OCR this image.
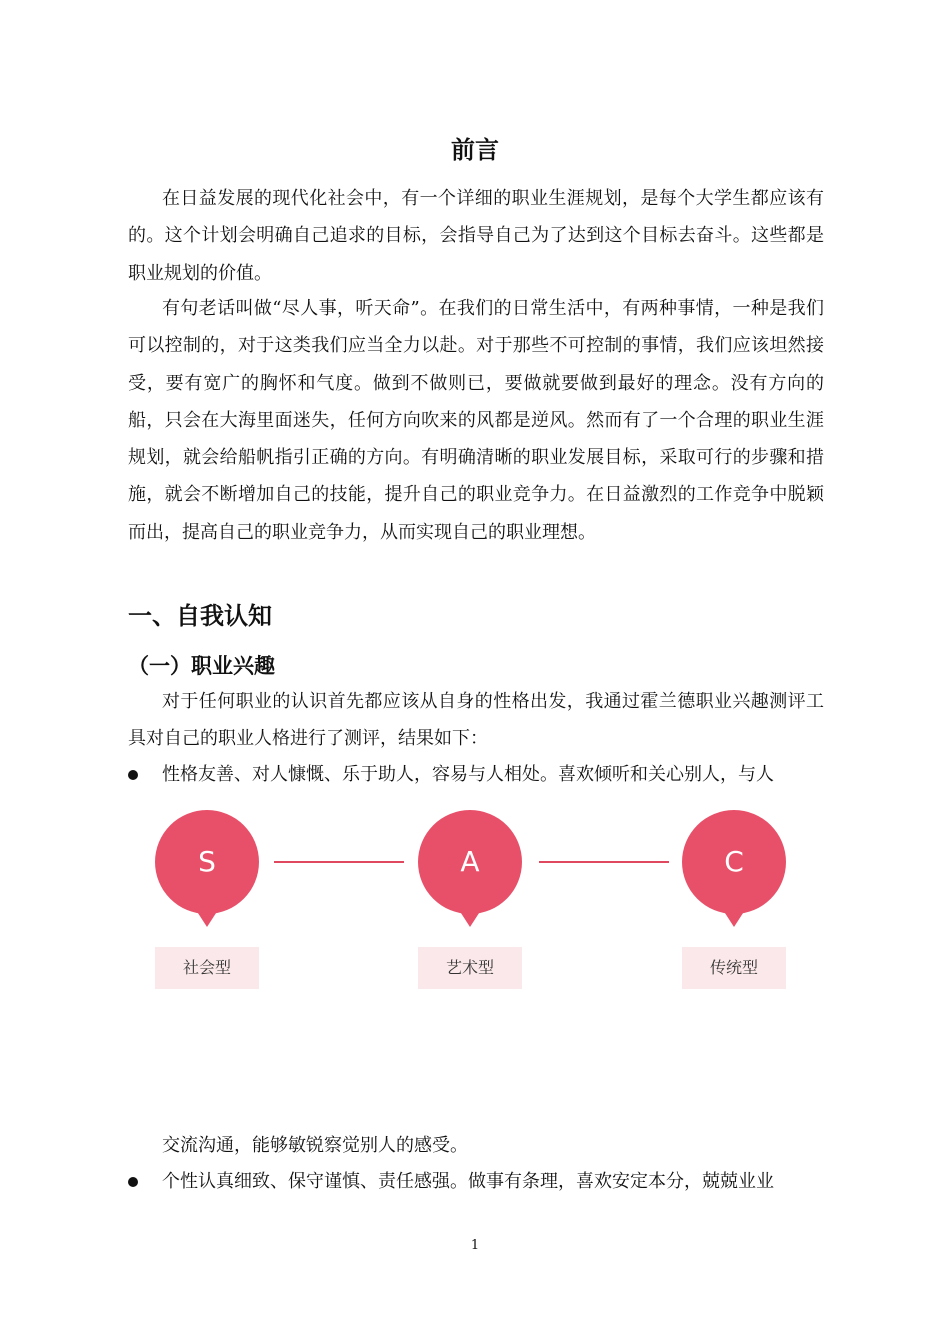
前言

在日益发展的现代化社会中，有一个详细的职业生涯规划，是每个大学生都应该有的。这个计划会明确自己追求的目标，会指导自己为了达到这个目标去奋斗。这些都是职业规划的价值。

有句老话叫做“尽人事，听天命”。在我们的日常生活中，有两种事情，一种是我们可以控制的，对于这类我们应当全力以赴。对于那些不可控制的事情，我们应该坦然接受，要有宽广的胸怀和气度。做到不做则已，要做就要做到最好的理念。没有方向的船，只会在大海里面迷失，任何方向吹来的风都是逆风。然而有了一个合理的职业生涯规划，就会给船帆指引正确的方向。有明确清晰的职业发展目标，采取可行的步骤和措施，就会不断增加自己的技能，提升自己的职业竞争力。在日益激烈的工作竞争中脱颖而出，提高自己的职业竞争力，从而实现自己的职业理想。

一、自我认知
（一）职业兴趣

对于任何职业的认识首先都应该从自身的性格出发，我通过霍兰德职业兴趣测评工具对自己的职业人格进行了测评，结果如下：

性格友善、对人慷慨、乐于助人，容易与人相处。喜欢倾听和关心别人，与人
S
社会型
A
艺术型
C
传统型
交流沟通，能够敏锐察觉别人的感受。
个性认真细致、保守谨慎、责任感强。做事有条理，喜欢安定本分，兢兢业业
1
